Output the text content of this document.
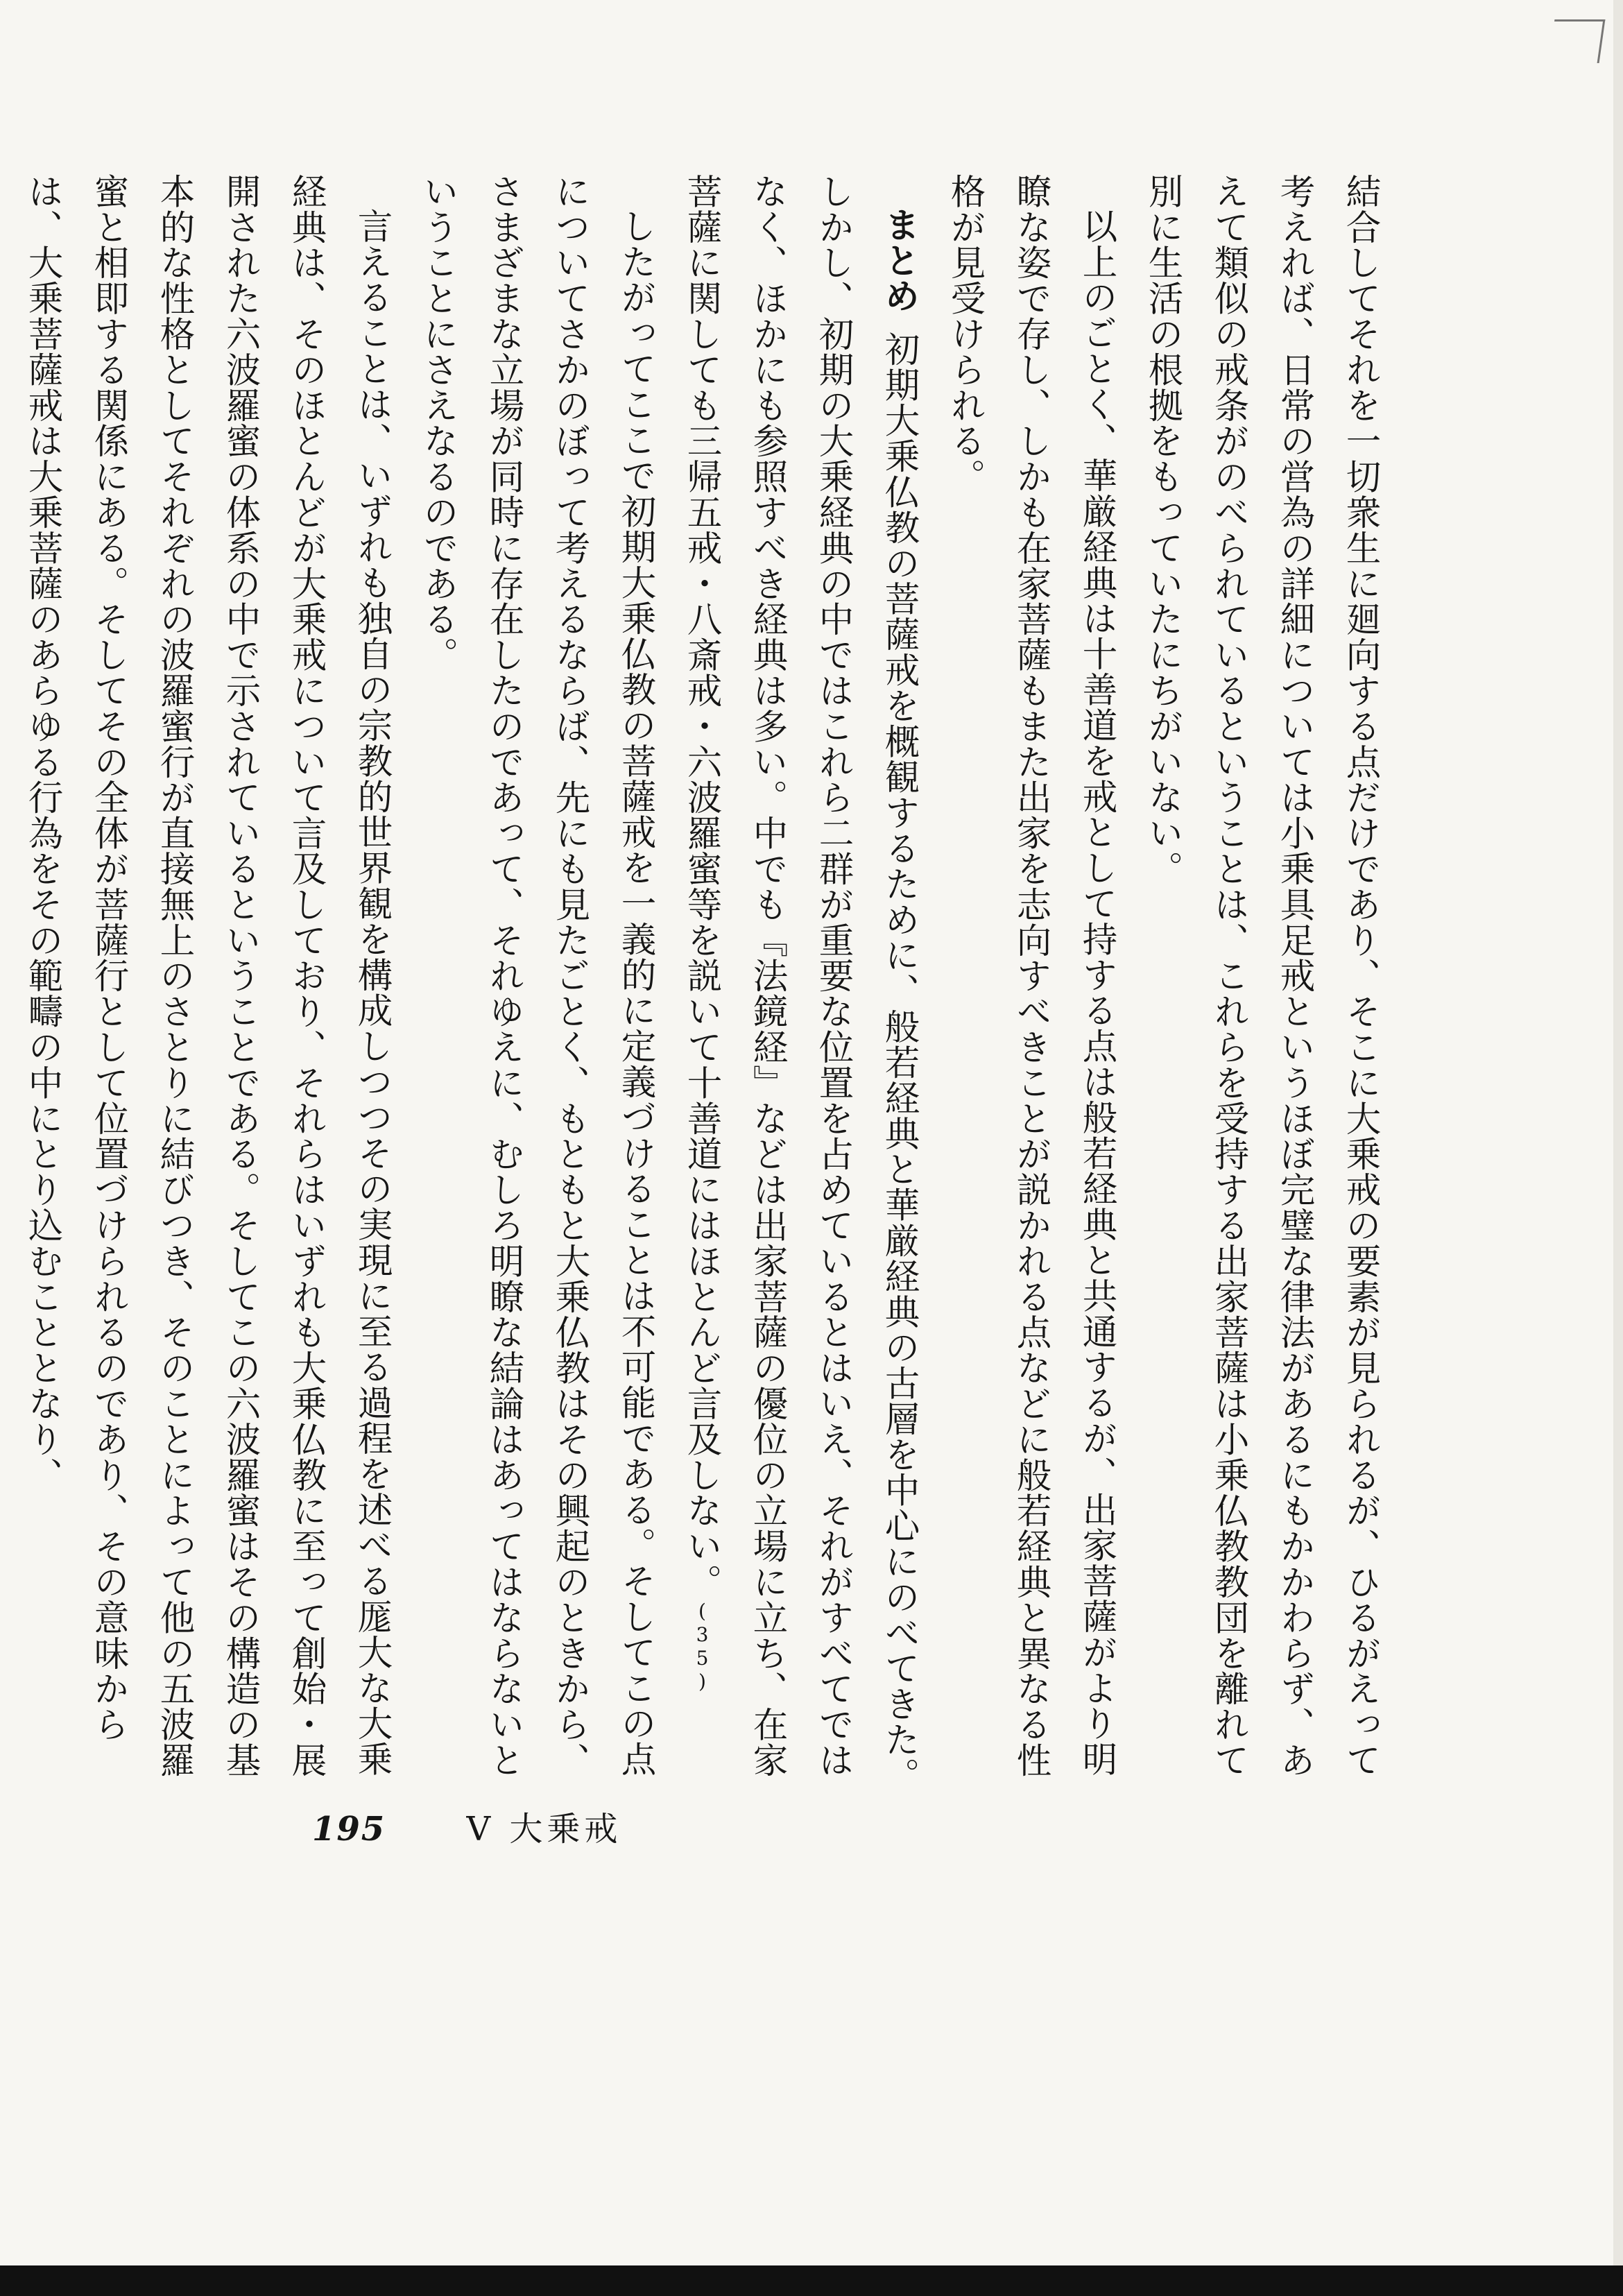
結合してそれを一切衆生に廻向する点だけであり、そこに大乗戒の要素が見られるが、ひるがえって考えれば、日常の営為の詳細については小乗具足戒というほぼ完璧な律法があるにもかかわらず、あえて類似の戒条がのべられているということは、これらを受持する出家菩薩は小乗仏教教団を離れて別に生活の根拠をもっていたにちがいない。

以上のごとく、華厳経典は十善道を戒として持する点は般若経典と共通するが、出家菩薩がより明瞭な姿で存し、しかも在家菩薩もまた出家を志向すべきことが説かれる点などに般若経典と異なる性格が見受けられる。

まとめ初期大乗仏教の菩薩戒を概観するために、般若経典と華厳経典の古層を中心にのべてきた。しかし、初期の大乗経典の中ではこれら二群が重要な位置を占めているとはいえ、それがすべてではなく、ほかにも参照すべき経典は多い。中でも『法鏡経』などは出家菩薩の優位の立場に立ち、在家菩薩に関しても三帰五戒・八斎戒・六波羅蜜等を説いて十善道にはほとんど言及しない。(35)

したがってここで初期大乗仏教の菩薩戒を一義的に定義づけることは不可能である。そしてこの点についてさかのぼって考えるならば、先にも見たごとく、もともと大乗仏教はその興起のときから、さまざまな立場が同時に存在したのであって、それゆえに、むしろ明瞭な結論はあってはならないということにさえなるのである。

言えることは、いずれも独自の宗教的世界観を構成しつつその実現に至る過程を述べる厖大な大乗経典は、そのほとんどが大乗戒について言及しており、それらはいずれも大乗仏教に至って創始・展開された六波羅蜜の体系の中で示されているということである。そしてこの六波羅蜜はその構造の基本的な性格としてそれぞれの波羅蜜行が直接無上のさとりに結びつき、そのことによって他の五波羅蜜と相即する関係にある。そしてその全体が菩薩行として位置づけられるのであり、その意味からは、大乗菩薩戒は大乗菩薩のあらゆる行為をその範疇の中にとり込むこととなり、

195 Ⅴ 大乗戒
